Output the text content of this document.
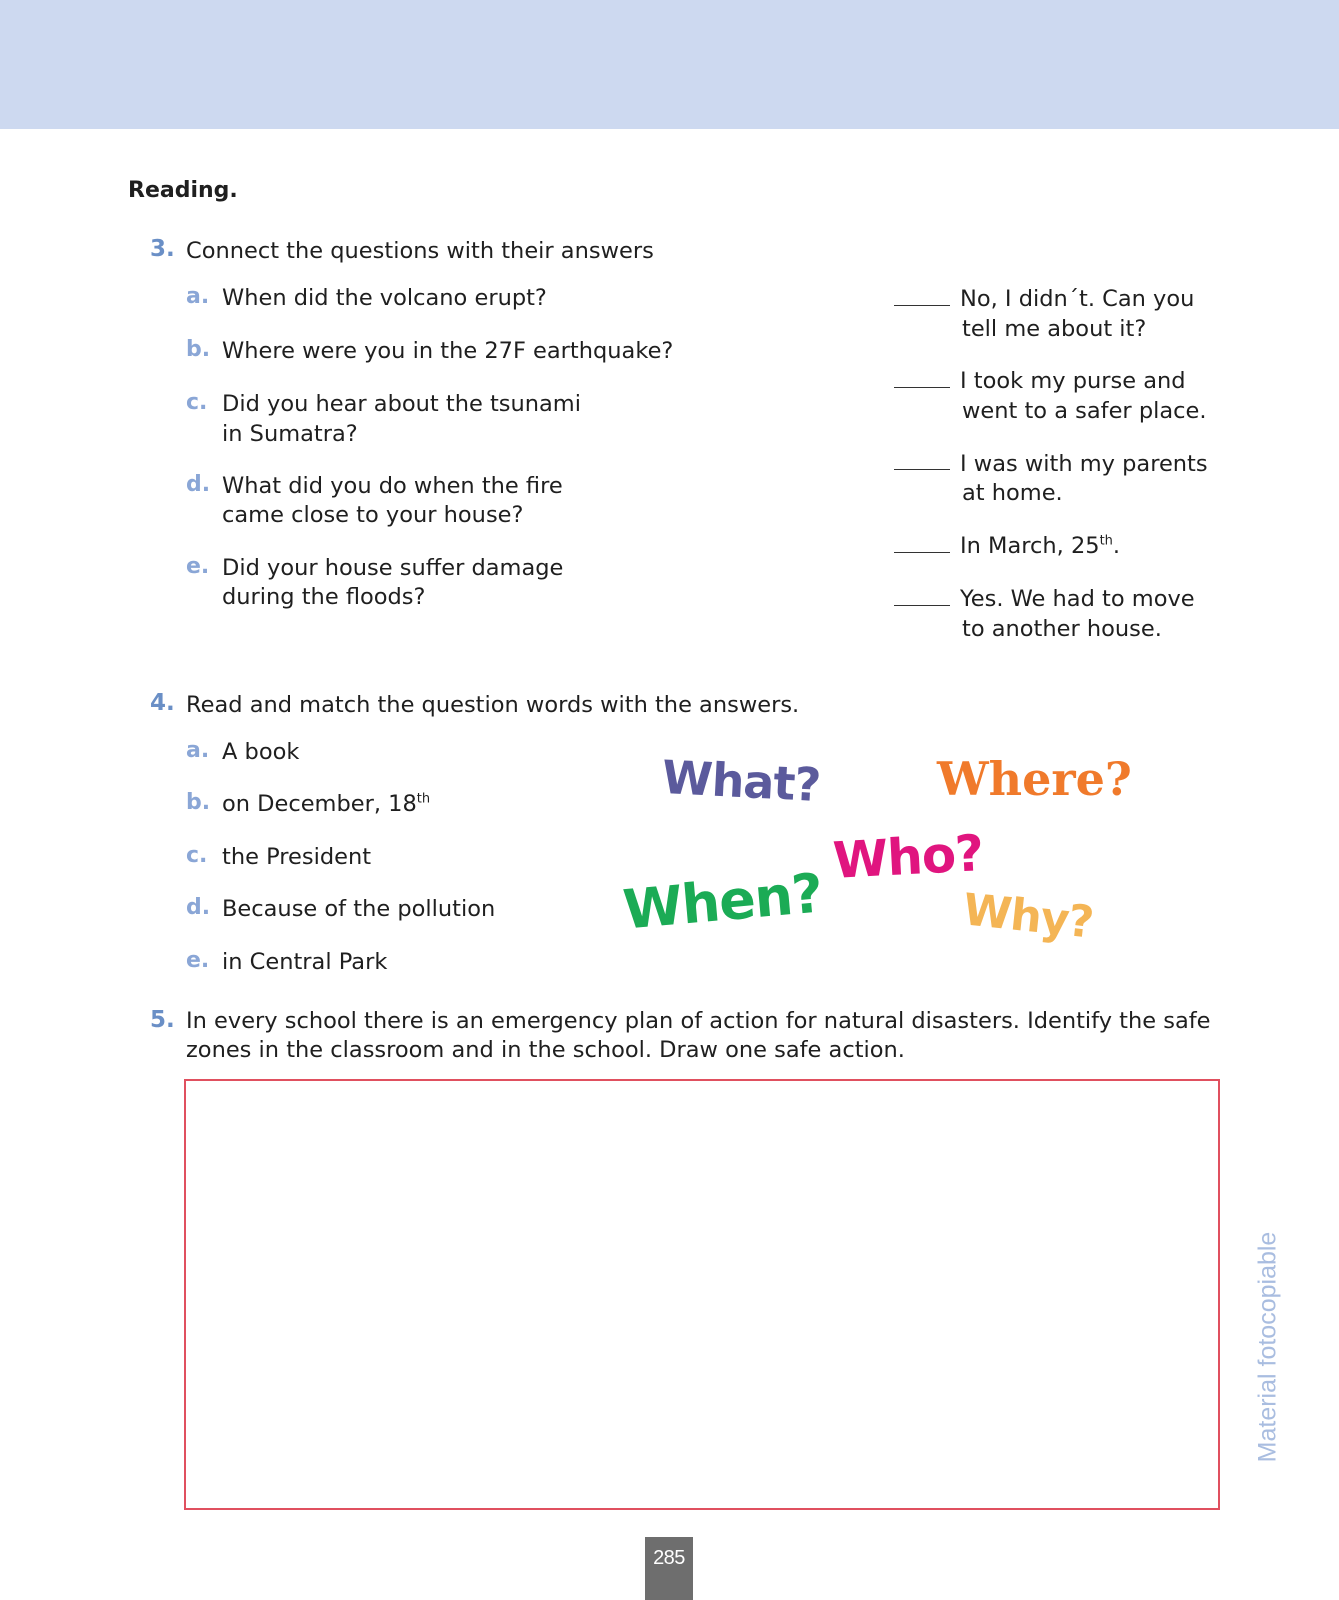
Reading.
3. Connect the questions with their answers
a. When did the volcano erupt?
b. Where were you in the 27F earthquake?
c. Did you hear about the tsunami
in Sumatra?
d. What did you do when the fire
came close to your house?
e. Did your house suffer damage
during the floods?
No, I didn´t. Can you
tell me about it?
I took my purse and
went to a safer place.
I was with my parents
at home.
In March, 25th.
Yes. We had to move
to another house.
4. Read and match the question words with the answers.
a. A book
b. on December, 18th
c. the President
d. Because of the pollution
e. in Central Park
What?	Where?
Who?
When?	Why?
5. In every school there is an emergency plan of action for natural disasters. Identify the safe
zones in the classroom and in the school. Draw one safe action.
Material fotocopiable
285
